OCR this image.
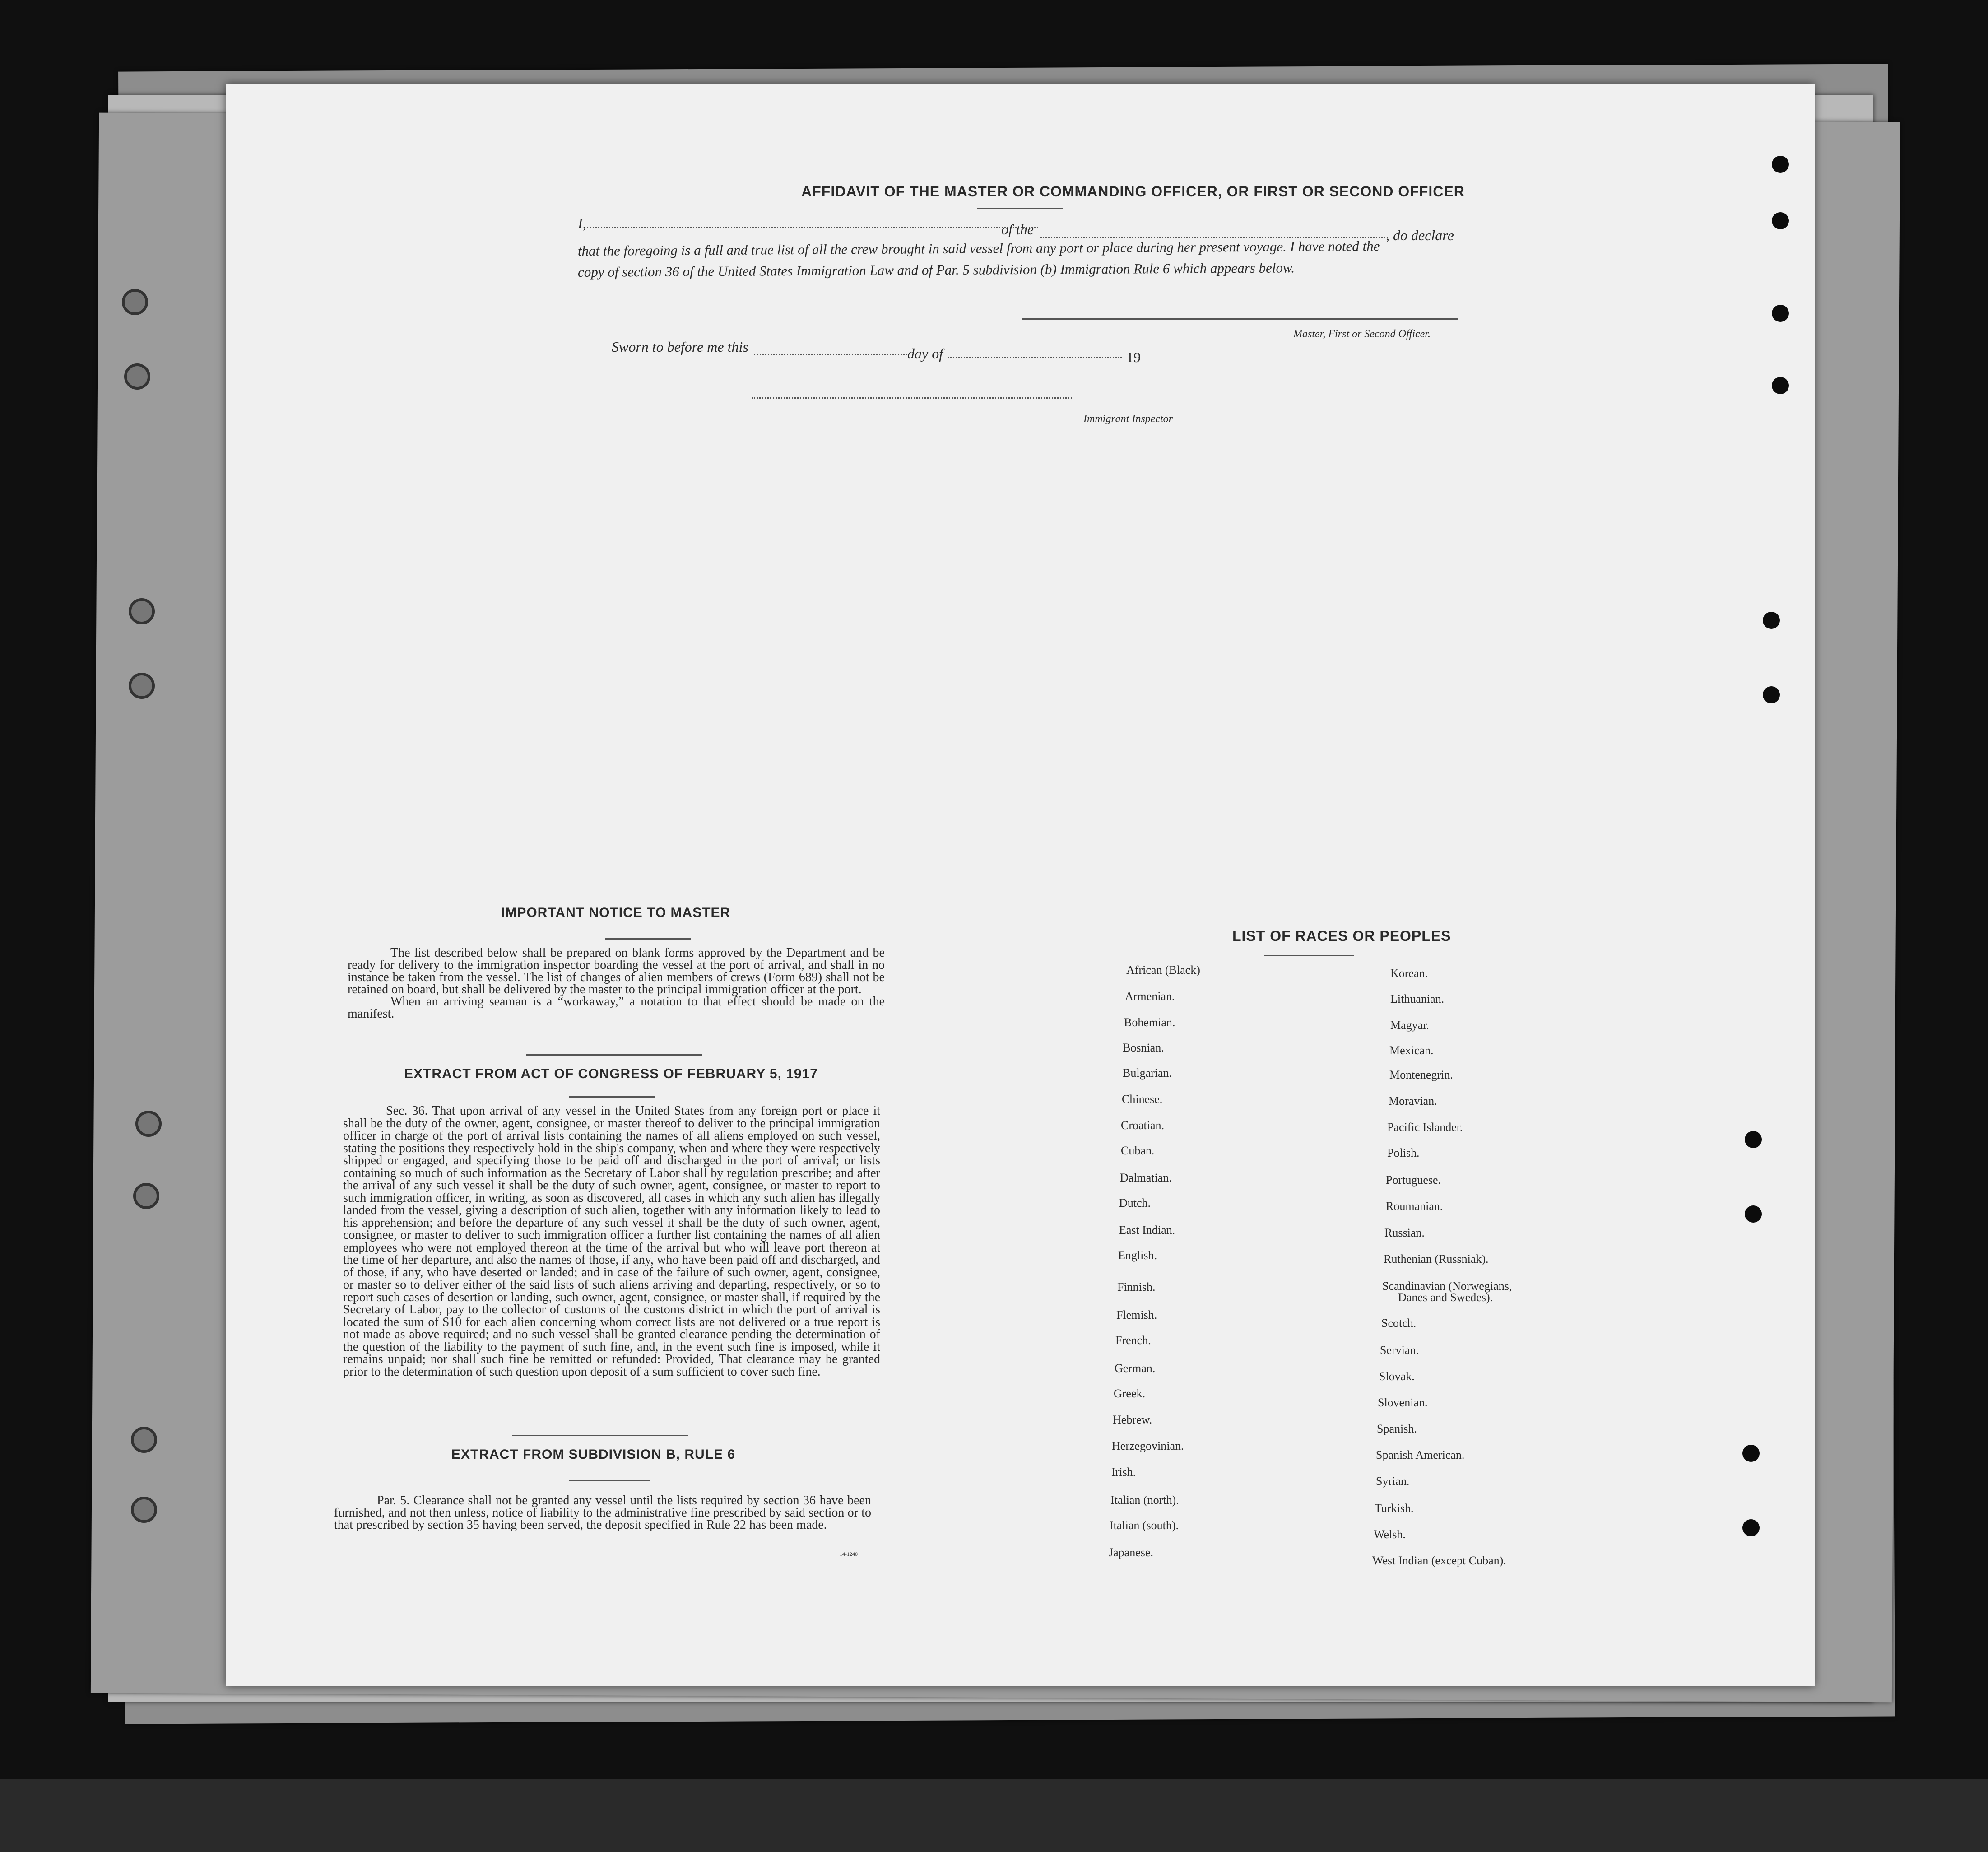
AFFIDAVIT OF THE MASTER OR COMMANDING OFFICER, OR FIRST OR SECOND OFFICER
I,	of the	, do declare
that the foregoing is a full and true list of all the crew brought in said vessel from any port or place during her present voyage. I have noted the
copy of section 36 of the United States Immigration Law and of Par. 5 subdivision (b) Immigration Rule 6 which appears below.
Master, First or Second Officer.
Sworn to before me this	day of	19
Immigrant Inspector
IMPORTANT NOTICE TO MASTER

The list described below shall be prepared on blank forms approved by the Department and be ready for delivery to the immigration inspector boarding the vessel at the port of arrival, and shall in no instance be taken from the vessel. The list of changes of alien members of crews (Form 689) shall not be retained on board, but shall be delivered by the master to the principal immigration officer at the port.

When an arriving seaman is a “workaway,” a notation to that effect should be made on the manifest.

EXTRACT FROM ACT OF CONGRESS OF FEBRUARY 5, 1917

Sec. 36. That upon arrival of any vessel in the United States from any foreign port or place it shall be the duty of the owner, agent, consignee, or master thereof to deliver to the principal immigration officer in charge of the port of arrival lists containing the names of all aliens employed on such vessel, stating the positions they respectively hold in the ship's company, when and where they were respectively shipped or engaged, and specifying those to be paid off and discharged in the port of arrival; or lists containing so much of such information as the Secretary of Labor shall by regulation prescribe; and after the arrival of any such vessel it shall be the duty of such owner, agent, consignee, or master to report to such immigration officer, in writing, as soon as discovered, all cases in which any such alien has illegally landed from the vessel, giving a description of such alien, together with any information likely to lead to his apprehension; and before the departure of any such vessel it shall be the duty of such owner, agent, consignee, or master to deliver to such immigration officer a further list containing the names of all alien employees who were not employed thereon at the time of the arrival but who will leave port thereon at the time of her departure, and also the names of those, if any, who have been paid off and discharged, and of those, if any, who have deserted or landed; and in case of the failure of such owner, agent, consignee, or master so to deliver either of the said lists of such aliens arriving and departing, respectively, or so to report such cases of desertion or landing, such owner, agent, consignee, or master shall, if required by the Secretary of Labor, pay to the collector of customs of the customs district in which the port of arrival is located the sum of $10 for each alien concerning whom correct lists are not delivered or a true report is not made as above required; and no such vessel shall be granted clearance pending the determination of the question of the liability to the payment of such fine, and, in the event such fine is imposed, while it remains unpaid; nor shall such fine be remitted or refunded: Provided, That clearance may be granted prior to the determination of such question upon deposit of a sum sufficient to cover such fine.

EXTRACT FROM SUBDIVISION B, RULE 6

Par. 5. Clearance shall not be granted any vessel until the lists required by section 36 have been furnished, and not then unless, notice of liability to the administrative fine prescribed by said section or to that prescribed by section 35 having been served, the deposit specified in Rule 22 has been made.

14-1240
LIST OF RACES OR PEOPLES
African (Black)
Armenian.
Bohemian.
Bosnian.
Bulgarian.
Chinese.
Croatian.
Cuban.
Dalmatian.
Dutch.
East Indian.
English.
Finnish.
Flemish.
French.
German.
Greek.
Hebrew.
Herzegovinian.
Irish.
Italian (north).
Italian (south).
Japanese.
Korean.
Lithuanian.
Magyar.
Mexican.
Montenegrin.
Moravian.
Pacific Islander.
Polish.
Portuguese.
Roumanian.
Russian.
Ruthenian (Russniak).
Scandinavian (Norwegians,
Danes and Swedes).
Scotch.
Servian.
Slovak.
Slovenian.
Spanish.
Spanish American.
Syrian.
Turkish.
Welsh.
West Indian (except Cuban).
